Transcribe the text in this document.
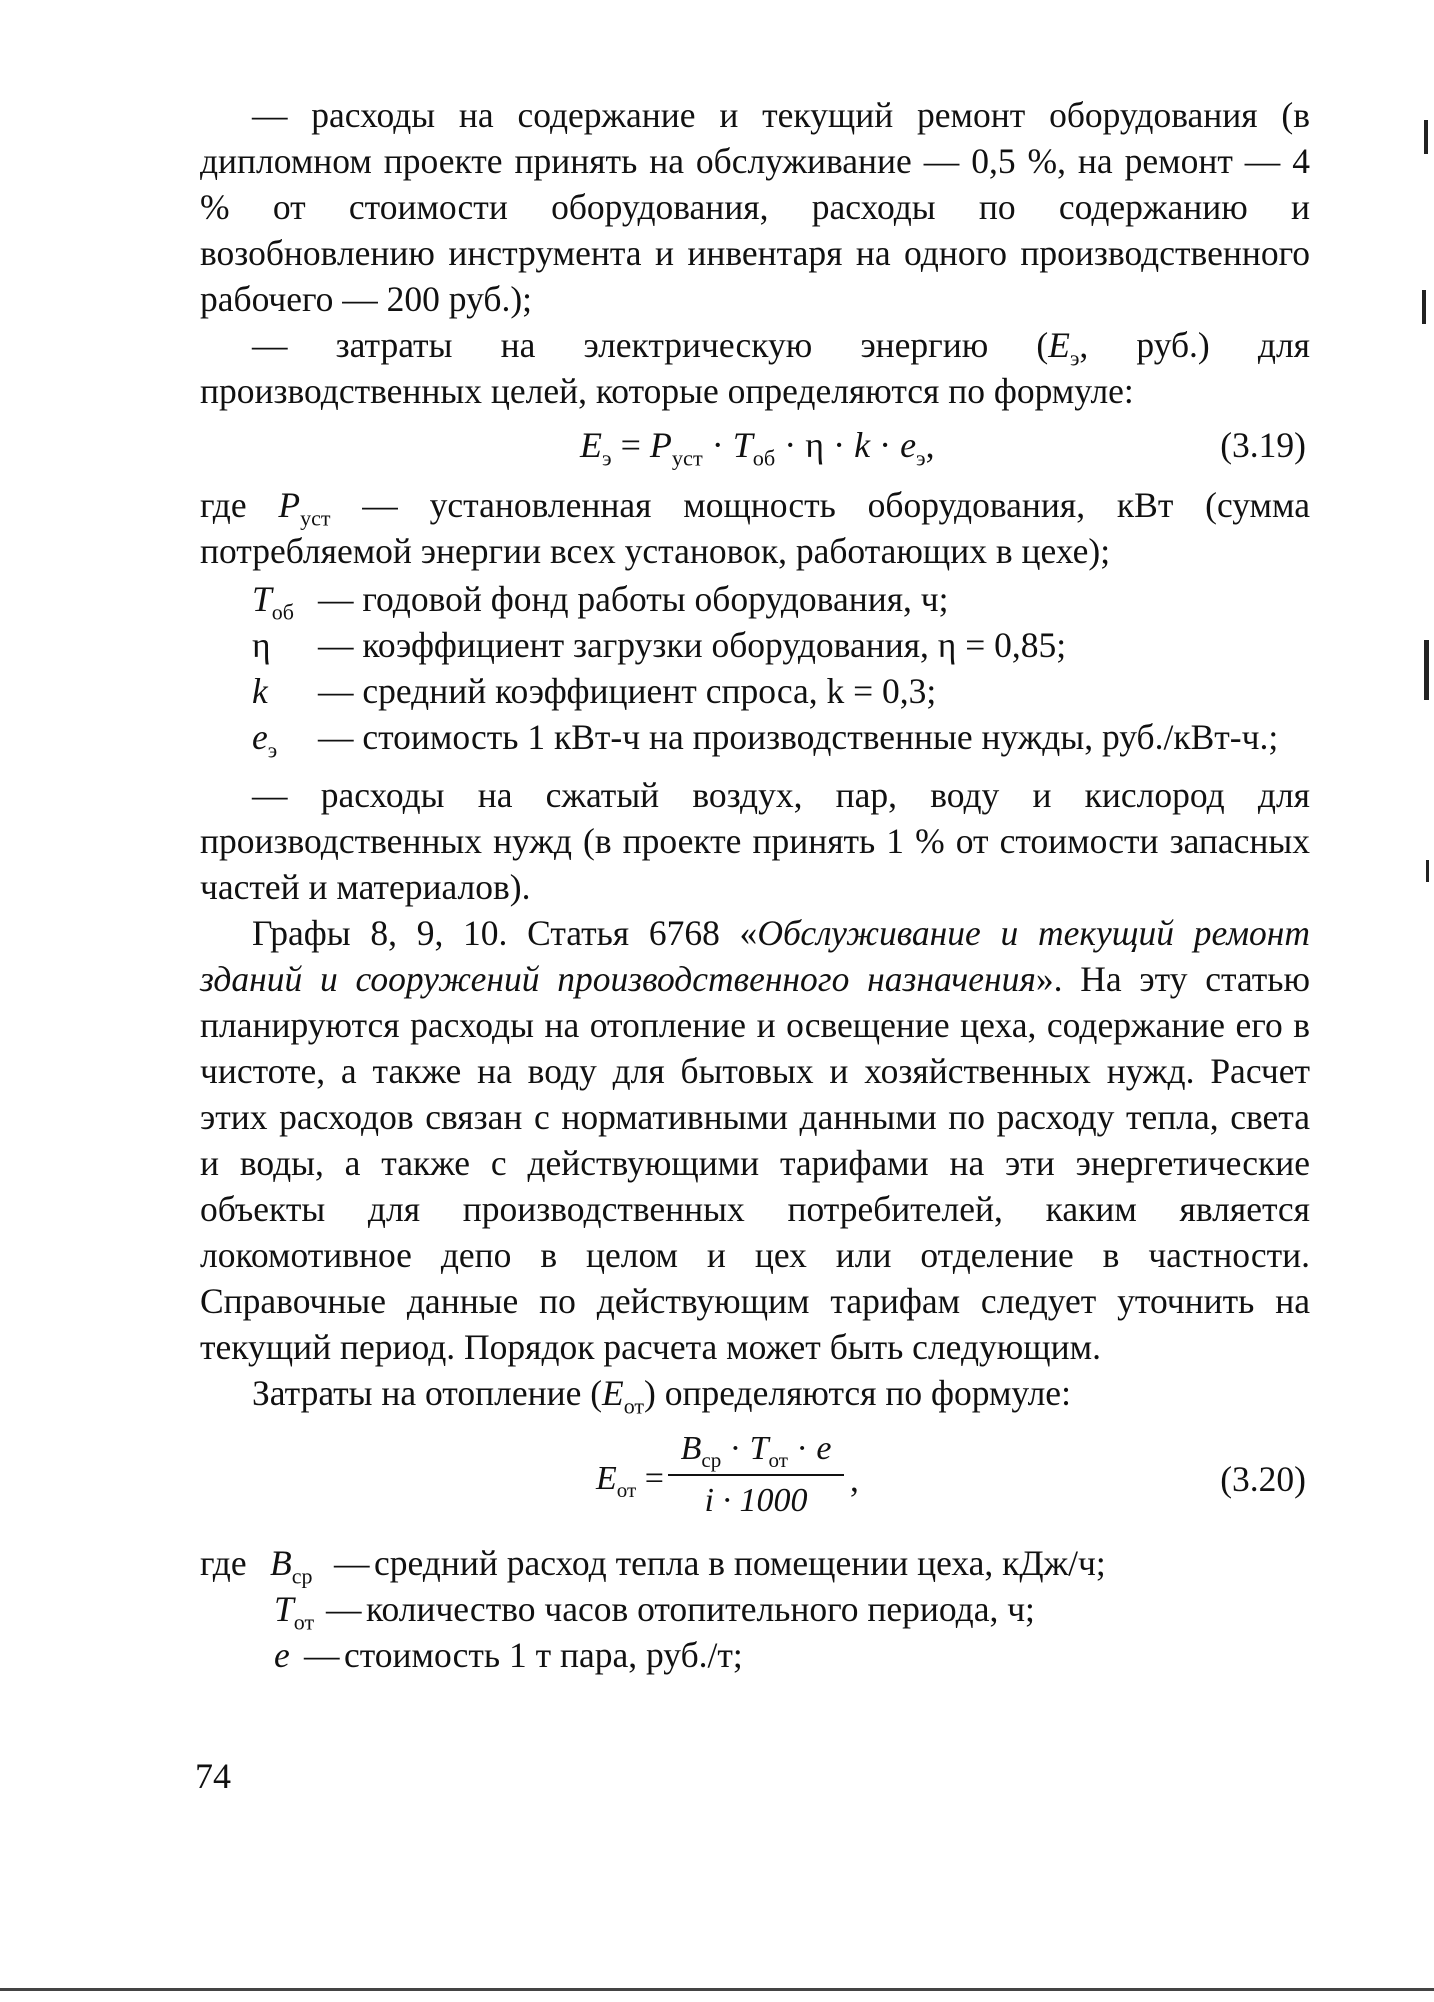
— расходы на содержание и текущий ремонт оборудования (в дипломном проекте принять на обслуживание — 0,5 %, на ремонт — 4 % от стоимости оборудования, расходы по содержанию и возобновлению инструмента и инвентаря на одного производственного рабочего — 200 руб.);

— затраты на электрическую энергию ($E_э$, руб.) для производственных целей, которые определяются по формуле:

$E_э = P_{уст} \cdot T_{об} \cdot \eta \cdot k \cdot e_э$,	(3.19)

где $P_{уст}$ — установленная мощность оборудования, кВт (сумма потребляемой энергии всех установок, работающих в цехе);

$T_{об}$ — годовой фонд работы оборудования, ч;
η — коэффициент загрузки оборудования, η = 0,85;
k — средний коэффициент спроса, k = 0,3;
$e_э$ — стоимость 1 кВт-ч на производственные нужды, руб./кВт-ч.;

— расходы на сжатый воздух, пар, воду и кислород для производственных нужд (в проекте принять 1 % от стоимости запасных частей и материалов).

Графы 8, 9, 10. Статья 6768 «Обслуживание и текущий ремонт зданий и сооружений производственного назначения». На эту статью планируются расходы на отопление и освещение цеха, содержание его в чистоте, а также на воду для бытовых и хозяйственных нужд. Расчет этих расходов связан с нормативными данными по расходу тепла, света и воды, а также с действующими тарифами на эти энергетические объекты для производственных потребителей, каким является локомотивное депо в целом и цех или отделение в частности. Справочные данные по действующим тарифам следует уточнить на текущий период. Порядок расчета может быть следующим.

Затраты на отопление $(E_{от})$ определяются по формуле:

$E_{от}$ =
$B_{ср} \cdot T_{от} \cdot e$
i · 1000
,	(3.20)
где $B_{ср}$ — средний расход тепла в помещении цеха, кДж/ч;
$T_{от}$ — количество часов отопительного периода, ч;
e — стоимость 1 т пара, руб./т;
74
